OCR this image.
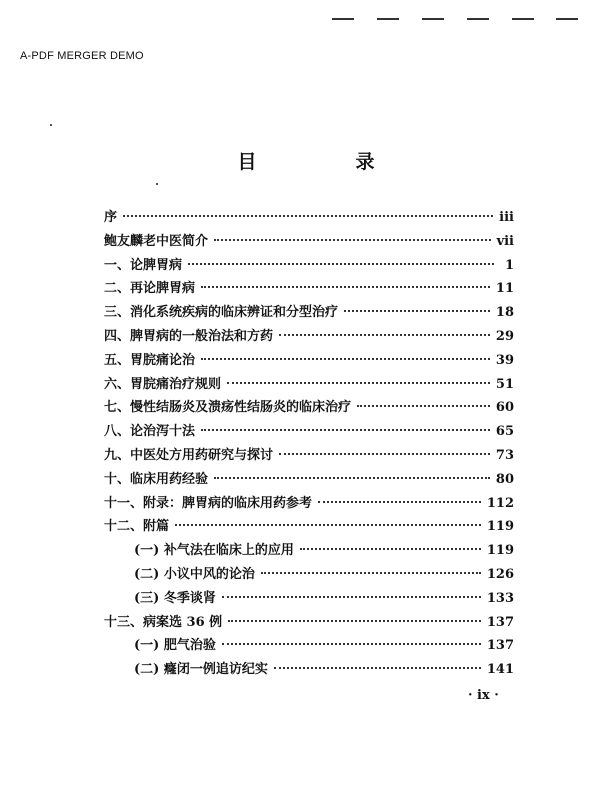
A-PDF MERGER DEMO
目　录
序	iii
鲍友麟老中医简介	vii
一、论脾胃病	1
二、再论脾胃病	11
三、消化系统疾病的临床辨证和分型治疗	18
四、脾胃病的一般治法和方药	29
五、胃脘痛论治	39
六、胃脘痛治疗规则	51
七、慢性结肠炎及溃疡性结肠炎的临床治疗	60
八、论治泻十法	65
九、中医处方用药研究与探讨	73
十、临床用药经验	80
十一、附录：脾胃病的临床用药参考	112
十二、附篇	119
(一) 补气法在临床上的应用	119
(二) 小议中风的论治	126
(三) 冬季谈肾	133
十三、病案选 36 例	137
(一) 肥气治验	137
(二) 癃闭一例追访纪实	141
· ix ·
